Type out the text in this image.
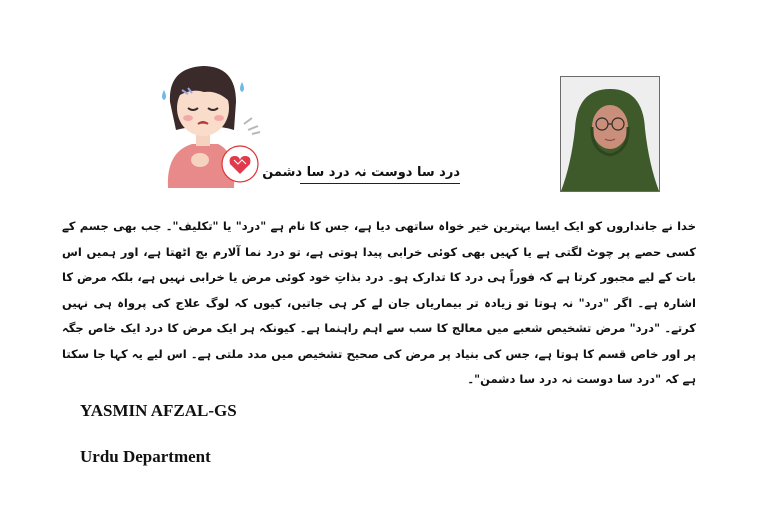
درد سا دوست نہ درد سا دشمن
خدا نے جانداروں کو ایک ایسا بہترین خیر خواہ ساتھی دیا ہے، جس کا نام ہے "درد" یا "تکلیف"۔ جب بھی جسم کے کسی حصے پر چوٹ لگتی ہے یا کہیں بھی کوئی خرابی پیدا ہوتی ہے، تو درد نما آلارم بج اٹھتا ہے، اور ہمیں اس بات کے لیے مجبور کرتا ہے کہ فوراً ہی درد کا تدارک ہو۔ درد بذاتِ خود کوئی مرض یا خرابی نہیں ہے، بلکہ مرض کا اشارہ ہے۔ اگر "درد" نہ ہوتا تو زیادہ تر بیماریاں جان لے کر ہی جاتیں، کیوں کہ لوگ علاج کی پرواہ ہی نہیں کرتے۔ "درد" مرض تشخیص شعبے میں معالج کا سب سے اہم راہنما ہے۔ کیونکہ ہر ایک مرض کا درد ایک خاص جگہ پر اور خاص قسم کا ہوتا ہے، جس کی بنیاد پر مرض کی صحیح تشخیص میں مدد ملتی ہے۔ اس لیے یہ کہا جا سکتا ہے کہ "درد سا دوست نہ درد سا دشمن"۔
YASMIN AFZAL-GS
Urdu Department
